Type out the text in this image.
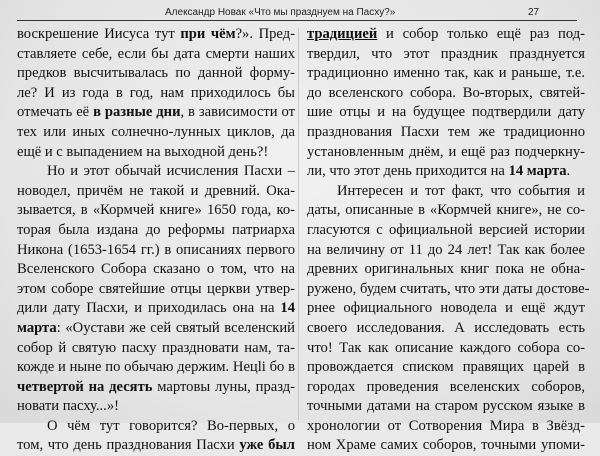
Александр Новак «Что мы празднуем на Пасху?»	27
воскрешение Иисуса тут при чём?». Пред-
ставляете себе, если бы дата смерти наших
предков высчитывалась по данной форму-
ле? И из года в год, нам приходилось бы
отмечать её в разные дни, в зависимости от
тех или иных солнечно-лунных циклов, да
ещё и с выпадением на выходной день?!
Но и этот обычай исчисления Пасхи –
новодел, причём не такой и древний. Ока-
зывается, в «Кормчей книге» 1650 года, ко-
торая была издана до реформы патриарха
Никона (1653-1654 гг.) в описаниях первого
Вселенского Собора сказано о том, что на
этом соборе святейшие отцы церкви утвер-
дили дату Пасхи, и приходилась она на 14
марта: «Оустави же сей святый вселенский
собор й святую пасху праздновати нам, та-
кождe и ныне по обычаю держим. Нецli бо в
четвертой на десять мартовы луны, празд-
новати пасху...»!
О чём тут говорится? Во-первых, о
том, что день празднования Пасхи уже был
традицией и собор только ещё раз под-
твердил, что этот праздник празднуется
традиционно именно так, как и раньше, т.е.
до вселенского собора. Во-вторых, святей-
шие отцы и на будущее подтвердили дату
празднования Пасхи тем же традиционно
установленным днём, и ещё раз подчеркну-
ли, что этот день приходится на 14 марта.
Интересен и тот факт, что события и
даты, описанные в «Кормчей книге», не со-
гласуются с официальной версией истории
на величину от 11 до 24 лет! Так как более
древних оригинальных книг пока не обна-
ружено, будем считать, что эти даты достове-
рнее официального новодела и ещё ждут
своего исследования. А исследовать есть
что! Так как описание каждого собора со-
провождается списком правящих царей в
городах проведения вселенских соборов,
точными датами на старом русском языке в
хронологии от Сотворения Мира в Звёзд-
ном Храме самих соборов, точными упоми-
